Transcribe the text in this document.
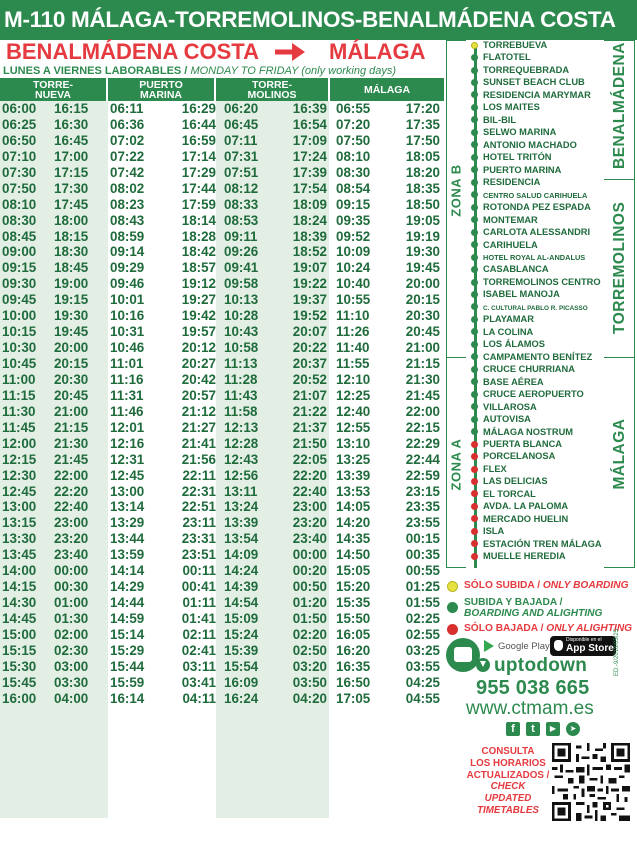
M-110 MÁLAGA-TORREMOLINOS-BENALMÁDENA COSTA
BENALMÁDENA COSTA	MÁLAGA
LUNES A VIERNES LABORABLES / MONDAY TO FRIDAY (only working days)
TORRE-
NUEVA
PUERTO
MARINA
TORRE-
MOLINOS	MÁLAGA
06:00	16:15	06:11	16:29	06:20	16:39	06:55	17:20
06:25	16:30	06:36	16:44	06:45	16:54	07:20	17:35
06:50	16:45	07:02	16:59	07:11	17:09	07:50	17:50
07:10	17:00	07:22	17:14	07:31	17:24	08:10	18:05
07:30	17:15	07:42	17:29	07:51	17:39	08:30	18:20
07:50	17:30	08:02	17:44	08:12	17:54	08:54	18:35
08:10	17:45	08:23	17:59	08:33	18:09	09:15	18:50
08:30	18:00	08:43	18:14	08:53	18:24	09:35	19:05
08:45	18:15	08:59	18:28	09:11	18:39	09:52	19:19
09:00	18:30	09:14	18:42	09:26	18:52	10:09	19:30
09:15	18:45	09:29	18:57	09:41	19:07	10:24	19:45
09:30	19:00	09:46	19:12	09:58	19:22	10:40	20:00
09:45	19:15	10:01	19:27	10:13	19:37	10:55	20:15
10:00	19:30	10:16	19:42	10:28	19:52	11:10	20:30
10:15	19:45	10:31	19:57	10:43	20:07	11:26	20:45
10:30	20:00	10:46	20:12	10:58	20:22	11:40	21:00
10:45	20:15	11:01	20:27	11:13	20:37	11:55	21:15
11:00	20:30	11:16	20:42	11:28	20:52	12:10	21:30
11:15	20:45	11:31	20:57	11:43	21:07	12:25	21:45
11:30	21:00	11:46	21:12	11:58	21:22	12:40	22:00
11:45	21:15	12:01	21:27	12:13	21:37	12:55	22:15
12:00	21:30	12:16	21:41	12:28	21:50	13:10	22:29
12:15	21:45	12:31	21:56	12:43	22:05	13:25	22:44
12:30	22:00	12:45	22:11	12:56	22:20	13:39	22:59
12:45	22:20	13:00	22:31	13:11	22:40	13:53	23:15
13:00	22:40	13:14	22:51	13:24	23:00	14:05	23:35
13:15	23:00	13:29	23:11	13:39	23:20	14:20	23:55
13:30	23:20	13:44	23:31	13:54	23:40	14:35	00:15
13:45	23:40	13:59	23:51	14:09	00:00	14:50	00:35
14:00	00:00	14:14	00:11	14:24	00:20	15:05	00:55
14:15	00:30	14:29	00:41	14:39	00:50	15:20	01:25
14:30	01:00	14:44	01:11	14:54	01:20	15:35	01:55
14:45	01:30	14:59	01:41	15:09	01:50	15:50	02:25
15:00	02:00	15:14	02:11	15:24	02:20	16:05	02:55
15:15	02:30	15:29	02:41	15:39	02:50	16:20	03:25
15:30	03:00	15:44	03:11	15:54	03:20	16:35	03:55
15:45	03:30	15:59	03:41	16:09	03:50	16:50	04:25
16:00	04:00	16:14	04:11	16:24	04:20	17:05	04:55
ZONA B
ZONA A
TORREBUEVA
FLATOTEL
TORREQUEBRADA
SUNSET BEACH CLUB
RESIDENCIA MARYMAR
LOS MAITES
BIL-BIL
SELWO MARINA
ANTONIO MACHADO
HOTEL TRITÓN
PUERTO MARINA
RESIDENCIA
CENTRO SALUD CARIHUELA
ROTONDA PEZ ESPADA
MONTEMAR
CARLOTA ALESSANDRI
CARIHUELA
HOTEL ROYAL AL-ANDALUS
CASABLANCA
TORREMOLINOS CENTRO
ISABEL MANOJA
C. CULTURAL PABLO R. PICASSO
PLAYAMAR
LA COLINA
LOS ÁLAMOS
CAMPAMENTO BENÍTEZ
CRUCE CHURRIANA
BASE AÉREA
CRUCE AEROPUERTO
VILLAROSA
AUTOVISA
MÁLAGA NOSTRUM
PUERTA BLANCA
PORCELANOSA
FLEX
LAS DELICIAS
EL TORCAL
AVDA. LA PALOMA
MERCADO HUELIN
ISLA
ESTACIÓN TREN MÁLAGA
MUELLE HEREDIA
BENALMÁDENA
TORREMOLINOS
MÁLAGA
SÓLO SUBIDA / ONLY BOARDING
SUBIDA Y BAJADA /
BOARDING AND ALIGHTING
SÓLO BAJADA / ONLY ALIGHTING
Google Play
Disponible en el
App Store
uptodown	ED.-9/2018/05/25
955 038 665
www.ctmam.es
f	t	▶	➤
CONSULTA
LOS HORARIOS
ACTUALIZADOS /
CHECK UPDATED
TIMETABLES
